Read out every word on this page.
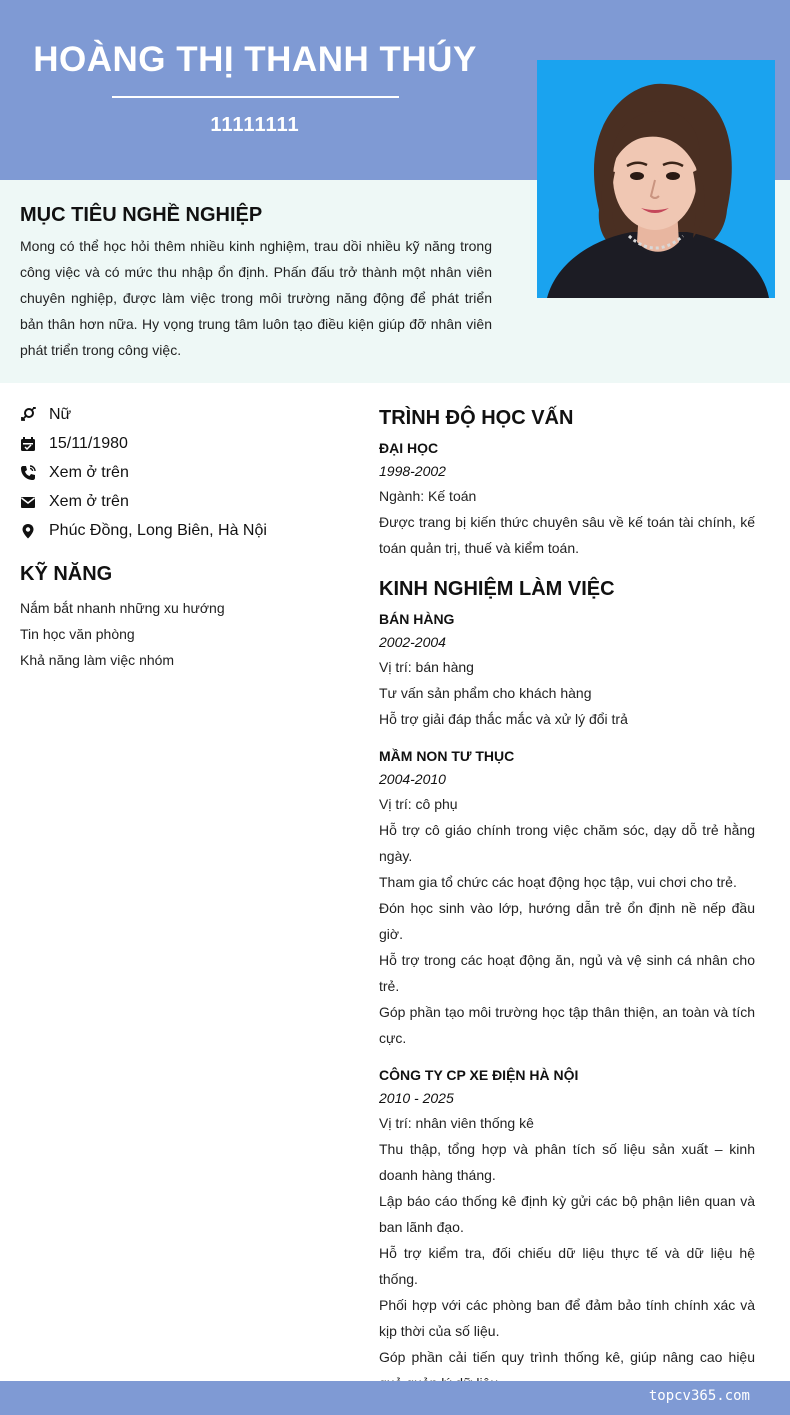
HOÀNG THỊ THANH THÚY
11111111
MỤC TIÊU NGHỀ NGHIỆP
Mong có thể học hỏi thêm nhiều kinh nghiệm, trau dồi nhiều kỹ năng trong công việc và có mức thu nhập ổn định. Phấn đấu trở thành một nhân viên chuyên nghiệp, được làm việc trong môi trường năng động để phát triển bản thân hơn nữa. Hy vọng trung tâm luôn tạo điều kiện giúp đỡ nhân viên phát triển trong công việc.
Nữ
15/11/1980
Xem ở trên
Xem ở trên
Phúc Đồng, Long Biên, Hà Nội
KỸ NĂNG
Nắm bắt nhanh những xu hướng
Tin học văn phòng
Khả năng làm việc nhóm
TRÌNH ĐỘ HỌC VẤN
ĐẠI HỌC
1998-2002
Ngành: Kế toán
Được trang bị kiến thức chuyên sâu về kế toán tài chính, kế toán quản trị, thuế và kiểm toán.
KINH NGHIỆM LÀM VIỆC
BÁN HÀNG
2002-2004
Vị trí: bán hàng
Tư vấn sản phẩm cho khách hàng
Hỗ trợ giải đáp thắc mắc và xử lý đổi trả
MẦM NON TƯ THỤC
2004-2010
Vị trí: cô phụ
Hỗ trợ cô giáo chính trong việc chăm sóc, dạy dỗ trẻ hằng ngày.
Tham gia tổ chức các hoạt động học tập, vui chơi cho trẻ.
Đón học sinh vào lớp, hướng dẫn trẻ ổn định nề nếp đầu giờ.
Hỗ trợ trong các hoạt động ăn, ngủ và vệ sinh cá nhân cho trẻ.
Góp phần tạo môi trường học tập thân thiện, an toàn và tích cực.
CÔNG TY CP XE ĐIỆN HÀ NỘI
2010 - 2025
Vị trí: nhân viên thống kê
Thu thập, tổng hợp và phân tích số liệu sản xuất – kinh doanh hàng tháng.
Lập báo cáo thống kê định kỳ gửi các bộ phận liên quan và ban lãnh đạo.
Hỗ trợ kiểm tra, đối chiếu dữ liệu thực tế và dữ liệu hệ thống.
Phối hợp với các phòng ban để đảm bảo tính chính xác và kịp thời của số liệu.
Góp phần cải tiến quy trình thống kê, giúp nâng cao hiệu
topcv365.com
